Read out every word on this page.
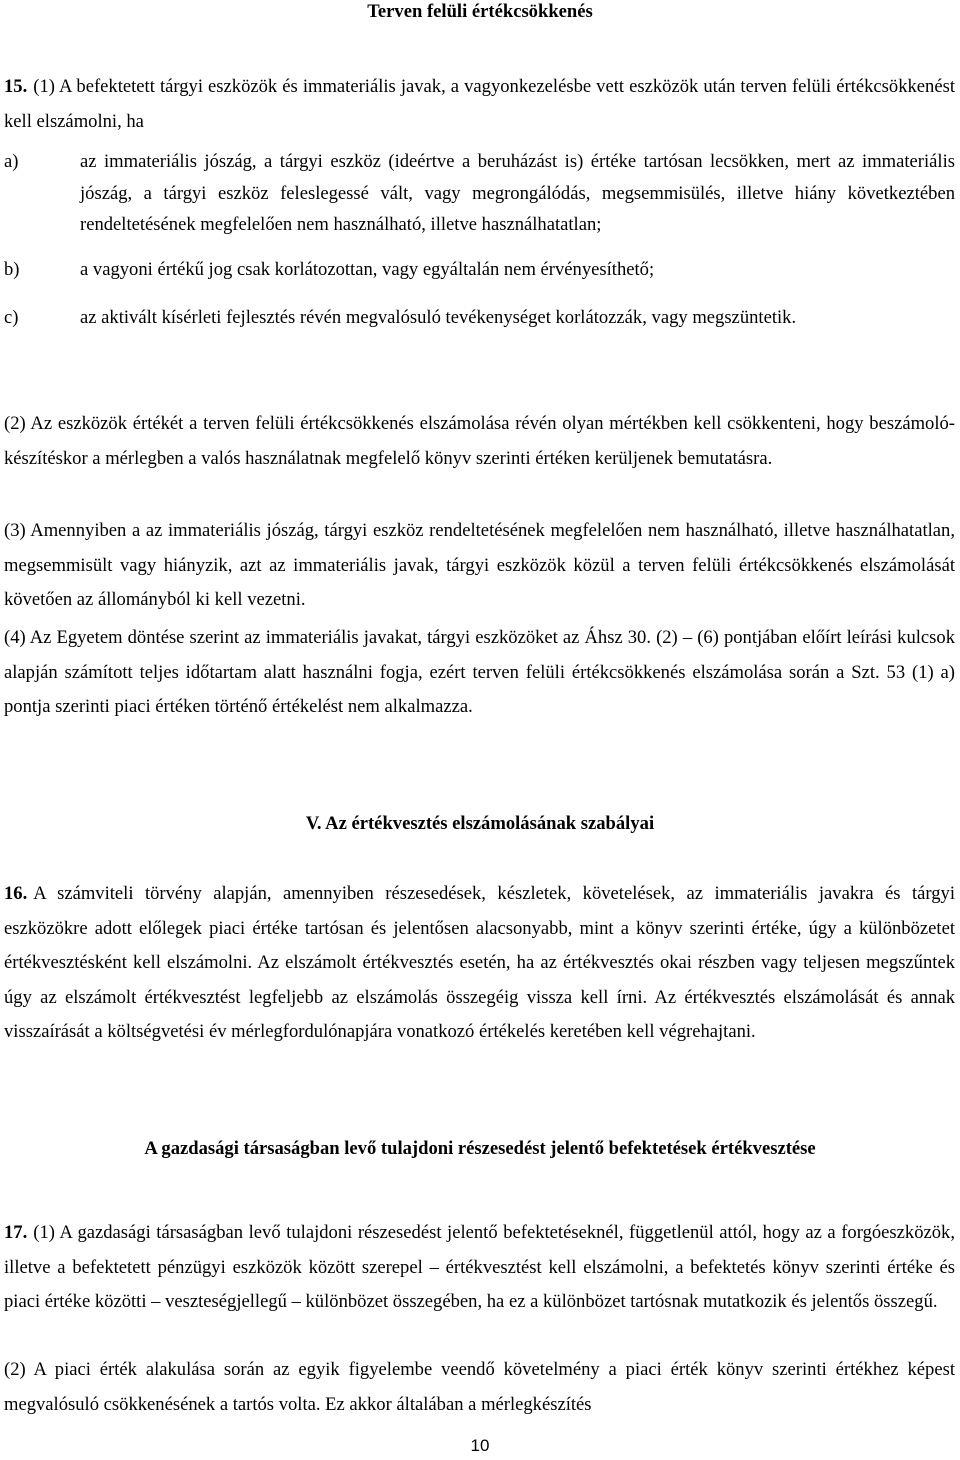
Terven felüli értékcsökkenés
15. (1) A befektetett tárgyi eszközök és immateriális javak, a vagyonkezelésbe vett eszközök után terven felüli értékcsökkenést kell elszámolni, ha
a)	az immateriális jószág, a tárgyi eszköz (ideértve a beruházást is) értéke tartósan lecsökken, mert az immateriális jószág, a tárgyi eszköz feleslegessé vált, vagy megrongálódás, megsemmisülés, illetve hiány következtében rendeltetésének megfelelően nem használható, illetve használhatatlan;
b)	a vagyoni értékű jog csak korlátozottan, vagy egyáltalán nem érvényesíthető;
c)	az aktivált kísérleti fejlesztés révén megvalósuló tevékenységet korlátozzák, vagy megszüntetik.
(2) Az eszközök értékét a terven felüli értékcsökkenés elszámolása révén olyan mértékben kell csökkenteni, hogy beszámoló-készítéskor a mérlegben a valós használatnak megfelelő könyv szerinti értéken kerüljenek bemutatásra.
(3) Amennyiben a az immateriális jószág, tárgyi eszköz rendeltetésének megfelelően nem használható, illetve használhatatlan, megsemmisült vagy hiányzik, azt az immateriális javak, tárgyi eszközök közül a terven felüli értékcsökkenés elszámolását követően az állományból ki kell vezetni.
(4) Az Egyetem döntése szerint az immateriális javakat, tárgyi eszközöket az Áhsz 30. (2) – (6) pontjában előírt leírási kulcsok alapján számított teljes időtartam alatt használni fogja, ezért terven felüli értékcsökkenés elszámolása során a Szt. 53 (1) a) pontja szerinti piaci értéken történő értékelést nem alkalmazza.
V. Az értékvesztés elszámolásának szabályai
16. A számviteli törvény alapján, amennyiben részesedések, készletek, követelések, az immateriális javakra és tárgyi eszközökre adott előlegek piaci értéke tartósan és jelentősen alacsonyabb, mint a könyv szerinti értéke, úgy a különbözetet értékvesztésként kell elszámolni. Az elszámolt értékvesztés esetén, ha az értékvesztés okai részben vagy teljesen megszűntek úgy az elszámolt értékvesztést legfeljebb az elszámolás összegéig vissza kell írni. Az értékvesztés elszámolását és annak visszaírását a költségvetési év mérlegfordulónapjára vonatkozó értékelés keretében kell végrehajtani.
A gazdasági társaságban levő tulajdoni részesedést jelentő befektetések értékvesztése
17. (1) A gazdasági társaságban levő tulajdoni részesedést jelentő befektetéseknél, függetlenül attól, hogy az a forgóeszközök, illetve a befektetett pénzügyi eszközök között szerepel – értékvesztést kell elszámolni, a befektetés könyv szerinti értéke és piaci értéke közötti – veszteségjellegű – különbözet összegében, ha ez a különbözet tartósnak mutatkozik és jelentős összegű.
(2) A piaci érték alakulása során az egyik figyelembe veendő követelmény a piaci érték könyv szerinti értékhez képest megvalósuló csökkenésének a tartós volta. Ez akkor általában a mérlegkészítés
10
